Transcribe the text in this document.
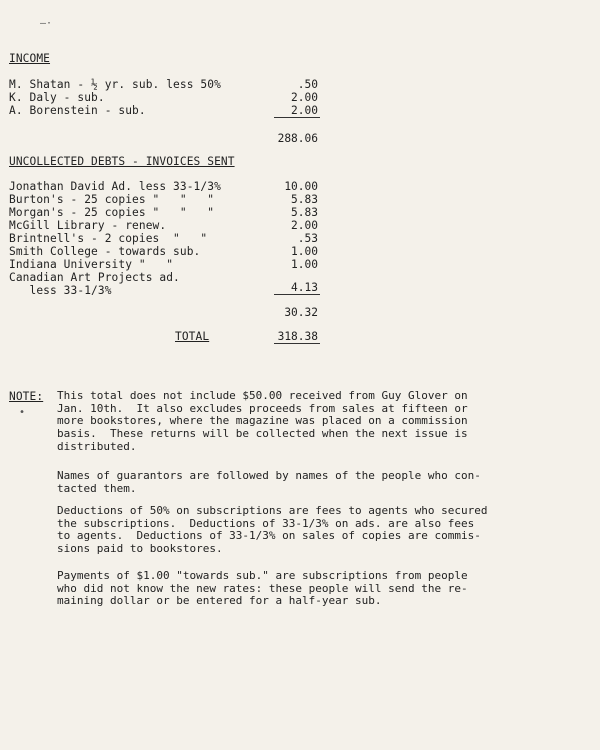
—·
INCOME
M. Shatan - ½ yr. sub. less 50%	.50
K. Daly - sub.	2.00
A. Borenstein - sub.	2.00
288.06
UNCOLLECTED DEBTS - INVOICES SENT
Jonathan David Ad. less 33-1/3%	10.00
Burton's - 25 copies "   "   "	5.83
Morgan's - 25 copies "   "   "	5.83
McGill Library - renew.	2.00
Brintnell's - 2 copies  "   "	.53
Smith College - towards sub.	1.00
Indiana University "   "	1.00
Canadian Art Projects ad.
less 33-1/3%	4.13
30.32
TOTAL	318.38
NOTE:
•
This total does not include $50.00 received from Guy Glover on
Jan. 10th.  It also excludes proceeds from sales at fifteen or
more bookstores, where the magazine was placed on a commission
basis.  These returns will be collected when the next issue is
distributed.
Names of guarantors are followed by names of the people who con-
tacted them.
Deductions of 50% on subscriptions are fees to agents who secured
the subscriptions.  Deductions of 33-1/3% on ads. are also fees
to agents.  Deductions of 33-1/3% on sales of copies are commis-
sions paid to bookstores.
Payments of $1.00 "towards sub." are subscriptions from people
who did not know the new rates: these people will send the re-
maining dollar or be entered for a half-year sub.
